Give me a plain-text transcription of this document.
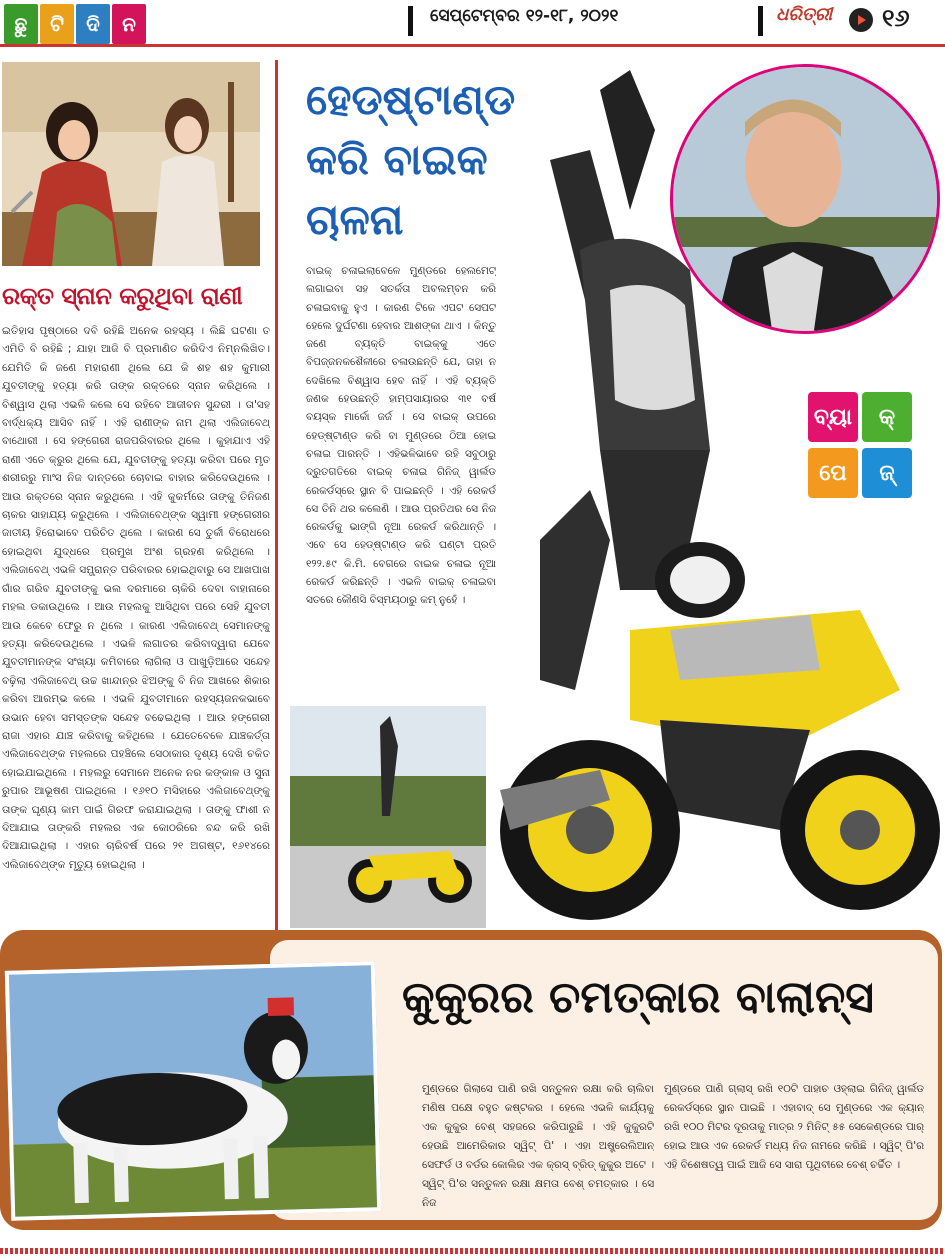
ଛୁ	ଟି	ଦି	ନ	ସେପ୍ଟେମ୍ବର ୧୨-୧୮, ୨୦୨୧	ଧରିତ୍ରୀ ୧୬
ରକ୍ତ ସ୍ନାନ କରୁଥିବା ରାଣୀ
ଇତିହାସ ପୃଷ୍ଠାରେ ଦବି ରହିଛି ଅନେକ ରହସ୍ୟ । ଲିଛି ଘଟଣା ତ ଏମିତି ବି ରହିଛି ; ଯାହା ଆଜି ବି ପ୍ରମାଣିତ କରିଦିଏ ନିମ୍ନଲିଖିତ। ଯେମିତି କି ଜଣେ ମହାରାଣୀ ଥିଲେ ଯେ କି ଶହ ଶହ କୁମାରୀ ଯୁବତୀଙ୍କୁ ହତ୍ୟା କରି ତାଙ୍କ ରକ୍ତରେ ସ୍ନାନ କରିଥିଲେ । ବିଶ୍ୱାସ ଥିଲା ଏଭଳି କଲେ ସେ ରହିବେ ଆଜୀବନ ସୁନ୍ଦରୀ । ତା'ସହ ବାର୍ଦ୍ଧକ୍ୟ ଆସିବ ନାହିଁ । ଏହି ରାଣୀଙ୍କ ନାମ ଥିଲା ଏଲିଜାବେଥ୍ ବାଥୋରୀ । ସେ ହଙ୍ଗେରୀ ରାଜପରିବାରର ଥିଲେ । କୁହାଯାଏ ଏହି ରାଣୀ ଏତେ କ୍ରୁର ଥିଲେ ଯେ, ଯୁବତୀଙ୍କୁ ହତ୍ୟା କରିବା ପରେ ମୃତ ଶରୀରରୁ ମାଂସ ନିଜ ଦାନ୍ତରେ ଚୋବାଇ ବାହାର କରିଦେଉଥିଲେ । ଆଉ ରକ୍ତରେ ସ୍ନାନ କରୁଥିଲେ । ଏହି କୁକର୍ମରେ ତାଙ୍କୁ ତିନିଜଣ ଚାକର ସାହାଯ୍ୟ କରୁଥିଲେ । ଏଲିଜାବେଥ୍ଙ୍କ ସ୍ୱାମୀ ହଙ୍ଗେରୀର ଜାତୀୟ ହିରୋଭାବେ ପରିଚିତ ଥିଲେ । କାରଣ ସେ ତୁର୍କୀ ବିରୋଧରେ ହୋଇଥିବା ଯୁଦ୍ଧରେ ପ୍ରମୁଖ ଅଂଶ ଗ୍ରହଣ କରିଥିଲେ । ଏଲିଜାବେଥ୍ ଏଭଳି ସମ୍ଭ୍ରାନ୍ତ ପରିବାରର ହୋଇଥିବାରୁ ସେ ଆଖପାଖ ଗାଁର ଗରିବ ଯୁବତୀଙ୍କୁ ଭଲ ଦରମାରେ ଚାକିରି ଦେବା ବାହାନାରେ ମହଲ ଡକାଉଥିଲେ । ଆଉ ମହଲକୁ ଆସିଥିବା ପରେ ସେହି ଯୁବତୀ ଆଉ କେବେ ଫେରୁ ନ ଥିଲେ । କାରଣ ଏଲିଜାବେଥ୍ ସେମାନଙ୍କୁ ହତ୍ୟା କରିଦେଉଥିଲେ । ଏଭଳି ଲଗାତର କରିବାଦ୍ୱାରା ଯେବେ ଯୁବତୀମାନଙ୍କ ସଂଖ୍ୟା କମିବାରେ ଲାଗିଲା ଓ ପାଖୁଡ଼ିଆରେ ସନ୍ଦେହ ବଢ଼ିଲା ଏଲିଜାବେଥ୍ ଉଚ୍ଚ ଖାନ୍ଦାନ୍‌ର ଝିଅଙ୍କୁ ବି ନିଜ ଆଖରେ ଶିକାର କରିବା ଆରମ୍ଭ କଲେ । ଏଭଳି ଯୁବତୀମାନେ ରହସ୍ୟଜନକଭାବେ ଉଭାନ ହେବା ସମସ୍ତଙ୍କ ସନ୍ଦେହ ବଢେଇଥିଲା । ଆଉ ହଙ୍ଗେରୀ ରାଜା ଏହାର ଯାଞ୍ଚ କରିବାକୁ କହିଥିଲେ । ଯେତେବେଳେ ଯାଞ୍ଚକର୍ତ୍ତା ଏଲିଜାବେଥ୍ଙ୍କ ମହଲରେ ପହଞ୍ଚିଲେ ସେଠାକାର ଦୃଶ୍ୟ ଦେଖି ଚକିତ ହୋଇଯାଇଥିଲେ । ମହଲରୁ ସେମାନେ ଅନେକ ନର କଙ୍କାଳ ଓ ସୁନା ରୁପାର ଆଭୂଷଣ ପାଇଥିଲେ । ୧୬୧୦ ମସିହାରେ ଏଲିଜାବେଥ୍ଙ୍କୁ ତାଙ୍କ ଘୃଣ୍ୟ କାମ ପାଇଁ ଗିରଫ କରାଯାଇଥିଲା । ତାଙ୍କୁ ଫାଶୀ ନ ଦିଆଯାଇ ତାଙ୍କରି ମହଲର ଏକ କୋଠରିରେ ବନ୍ଦ କରି ରଖି ଦିଆଯାଇଥିଲା । ଏହାର ଚାରିବର୍ଷ ପରେ ୨୧ ଅଗଷ୍ଟ, ୧୬୧୪ରେ ଏଲିଜାବେଥ୍ଙ୍କ ମୃତ୍ୟୁ ହୋଇଥିଲା ।
ହେଡ୍‌ଷ୍ଟାଣ୍ଡ
କରି ବାଇକ
ଚାଳନା
ବାଇକ୍ ଚଳାଇଲାବେଳେ ମୁଣ୍ଡରେ ହେଲମେଟ୍ ଲଗାଇବା ସହ ସତର୍କତା ଅବଲମ୍ବନ କରି ଚଳାଇବାକୁ ହୁଏ । କାରଣ ଟିକେ ଏପଟ ସେପଟ ହେଲେ ଦୁର୍ଘଟଣା ହେବାର ଆଶଙ୍କା ଥାଏ । କିନ୍ତୁ ଜଣେ ବ୍ୟକ୍ତି ବାଇକ୍‌କୁ ଏତେ ବିପଜ୍ଜନକଶୈଳୀରେ ଚଳାଉଛନ୍ତି ଯେ, ତାହା ନ ଦେଖିଲେ ବିଶ୍ୱାସ ହେବ ନାହିଁ । ଏହି ବ୍ୟକ୍ତି ଜଣକ ହେଉଛନ୍ତି ହାମ୍ପସାୟାରର ୩୧ ବର୍ଷ ବୟସ୍କ ମାର୍କୋ ଜର୍ଜ । ସେ ବାଇକ୍ ଉପରେ ହେଡ୍‌ଷ୍ଟାଣ୍ଡ କରି ବା ମୁଣ୍ଡରେ ଠିଆ ହୋଇ ଚଳାଇ ପାରନ୍ତି । ଏହିଭଳିଭାବେ ରହି ସବୁଠାରୁ ଦ୍ରୁତଗତିରେ ବାଇକ୍ ଚଳାଇ ଗିନିଜ୍ ୱାର୍ଲଡ ରେକର୍ଡସ୍‌ରେ ସ୍ଥାନ ବି ପାଇଛନ୍ତି । ଏହି ରେକର୍ଡ ସେ ତିନି ଥର କଲେଣି । ଆଉ ପ୍ରତିଥର ସେ ନିଜ ରେକର୍ଡକୁ ଭାଙ୍ଗି ନୂଆ ରେକର୍ଡ କରିଥାନ୍ତି । ଏବେ ସେ ହେଡ୍‌ଷ୍ଟାଣ୍ଡ କରି ଘଣ୍ଟା ପ୍ରତି ୧୨୨.୫୯ କି.ମି. ବେଗରେ ବାଇକ ଚଳାଇ ନୂଆ ରେକର୍ଡ କରିଛନ୍ତି । ଏଭଳି ବାଇକ୍ ଚଳାଇବା ସତରେ କୌଣସି ବିସ୍ମୟଠାରୁ କମ୍ ନୁହେଁ ।
ବ୍ୟା	କ୍
ପେ	ଜ୍
କୁକୁରର ଚମତ୍କାର ବାଲାନ୍ସ
ମୁଣ୍ଡରେ ଗିଲାସେ ପାଣି ରଖି ସନ୍ତୁଳନ ରକ୍ଷା କରି ଚାଲିବା ମଣିଷ ପକ୍ଷେ ବହୁତ କଷ୍ଟକର । ହେଲେ ଏଭଳି କାର୍ଯ୍ୟକୁ ଏକ କୁକୁର ବେଶ୍ ସହଜରେ କରିପାରୁଛି । ଏହି କୁକୁରଟି ହେଉଛି ଆମେରିକାର ସ୍ୱିଟ୍ ପି' । ଏହା ଅଷ୍ଟ୍ରେଲିଆନ୍ ସେଫର୍ଡ ଓ ବର୍ଡର କୋଲିର ଏକ କ୍ରସ୍ ବ୍ରିଡ୍ କୁକୁର ଅଟେ । ସ୍ୱିଟ୍ ପି'ର ସନ୍ତୁଳନ ରକ୍ଷା କ୍ଷମତା ବେଶ୍ ଚମତ୍କାର । ସେ ନିଜ
ମୁଣ୍ଡରେ ପାଣି ଗ୍ଲାସ୍ ରଖି ୧୦ଟି ପାହାଚ ଓହ୍ଲାଇ ଗିନିଜ୍ ୱାର୍ଲଡ ରେକର୍ଡସ୍‌ରେ ସ୍ଥାନ ପାଇଛି । ଏହାବାଦ୍ ସେ ମୁଣ୍ଡରେ ଏକ କ୍ୟାନ୍ ରଖି ୧୦୦ ମିଟର ଦୂରତାକୁ ମାତ୍ର ୨ ମିନିଟ୍ ୫୫ ସେକେଣ୍ଡରେ ପାର୍ ହୋଇ ଆଉ ଏକ ରେକର୍ଡ ମଧ୍ୟ ନିଜ ନାମରେ କରିଛି । ସ୍ୱିଟ୍ ପି'ର ଏହି ବିଶେଷତ୍ୱ ପାଇଁ ଆଜି ସେ ସାରା ପୃଥିବୀରେ ବେଶ୍ ଚର୍ଚ୍ଚିତ ।
